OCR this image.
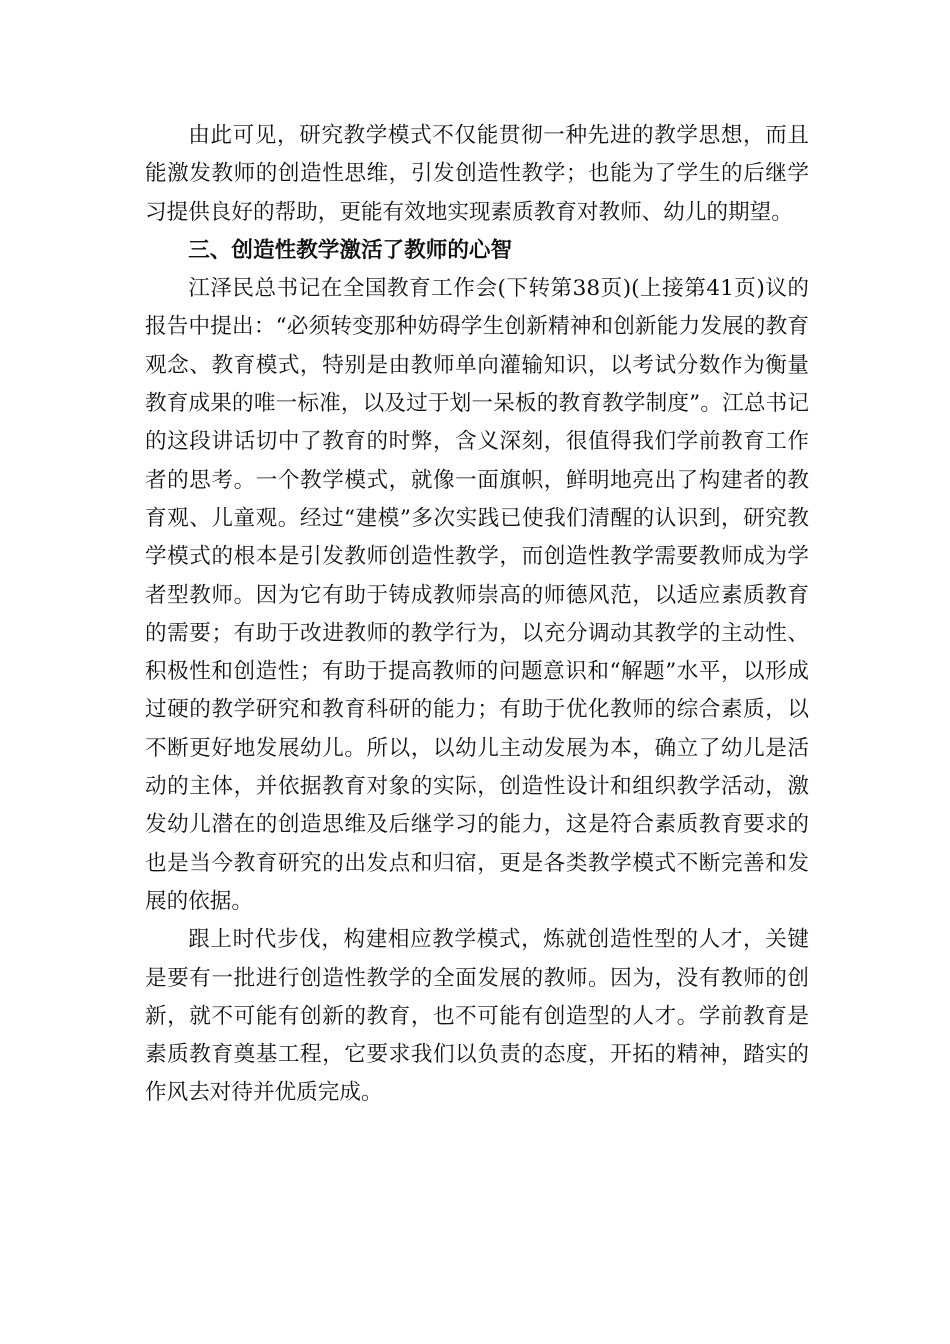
由此可见，研究教学模式不仅能贯彻一种先进的教学思想，而且能激发教师的创造性思维，引发创造性教学；也能为了学生的后继学习提供良好的帮助，更能有效地实现素质教育对教师、幼儿的期望。

三、创造性教学激活了教师的心智

江泽民总书记在全国教育工作会(下转第38页)(上接第41页)议的报告中提出：“必须转变那种妨碍学生创新精神和创新能力发展的教育观念、教育模式，特别是由教师单向灌输知识，以考试分数作为衡量教育成果的唯一标准，以及过于划一呆板的教育教学制度”。江总书记的这段讲话切中了教育的时弊，含义深刻，很值得我们学前教育工作者的思考。一个教学模式，就像一面旗帜，鲜明地亮出了构建者的教育观、儿童观。经过“建模”多次实践已使我们清醒的认识到，研究教学模式的根本是引发教师创造性教学，而创造性教学需要教师成为学者型教师。因为它有助于铸成教师崇高的师德风范，以适应素质教育的需要；有助于改进教师的教学行为，以充分调动其教学的主动性、积极性和创造性；有助于提高教师的问题意识和“解题”水平，以形成过硬的教学研究和教育科研的能力；有助于优化教师的综合素质，以不断更好地发展幼儿。所以，以幼儿主动发展为本，确立了幼儿是活动的主体，并依据教育对象的实际，创造性设计和组织教学活动，激发幼儿潜在的创造思维及后继学习的能力，这是符合素质教育要求的也是当今教育研究的出发点和归宿，更是各类教学模式不断完善和发展的依据。

跟上时代步伐，构建相应教学模式，炼就创造性型的人才，关键是要有一批进行创造性教学的全面发展的教师。因为，没有教师的创新，就不可能有创新的教育，也不可能有创造型的人才。学前教育是素质教育奠基工程，它要求我们以负责的态度，开拓的精神，踏实的作风去对待并优质完成。
